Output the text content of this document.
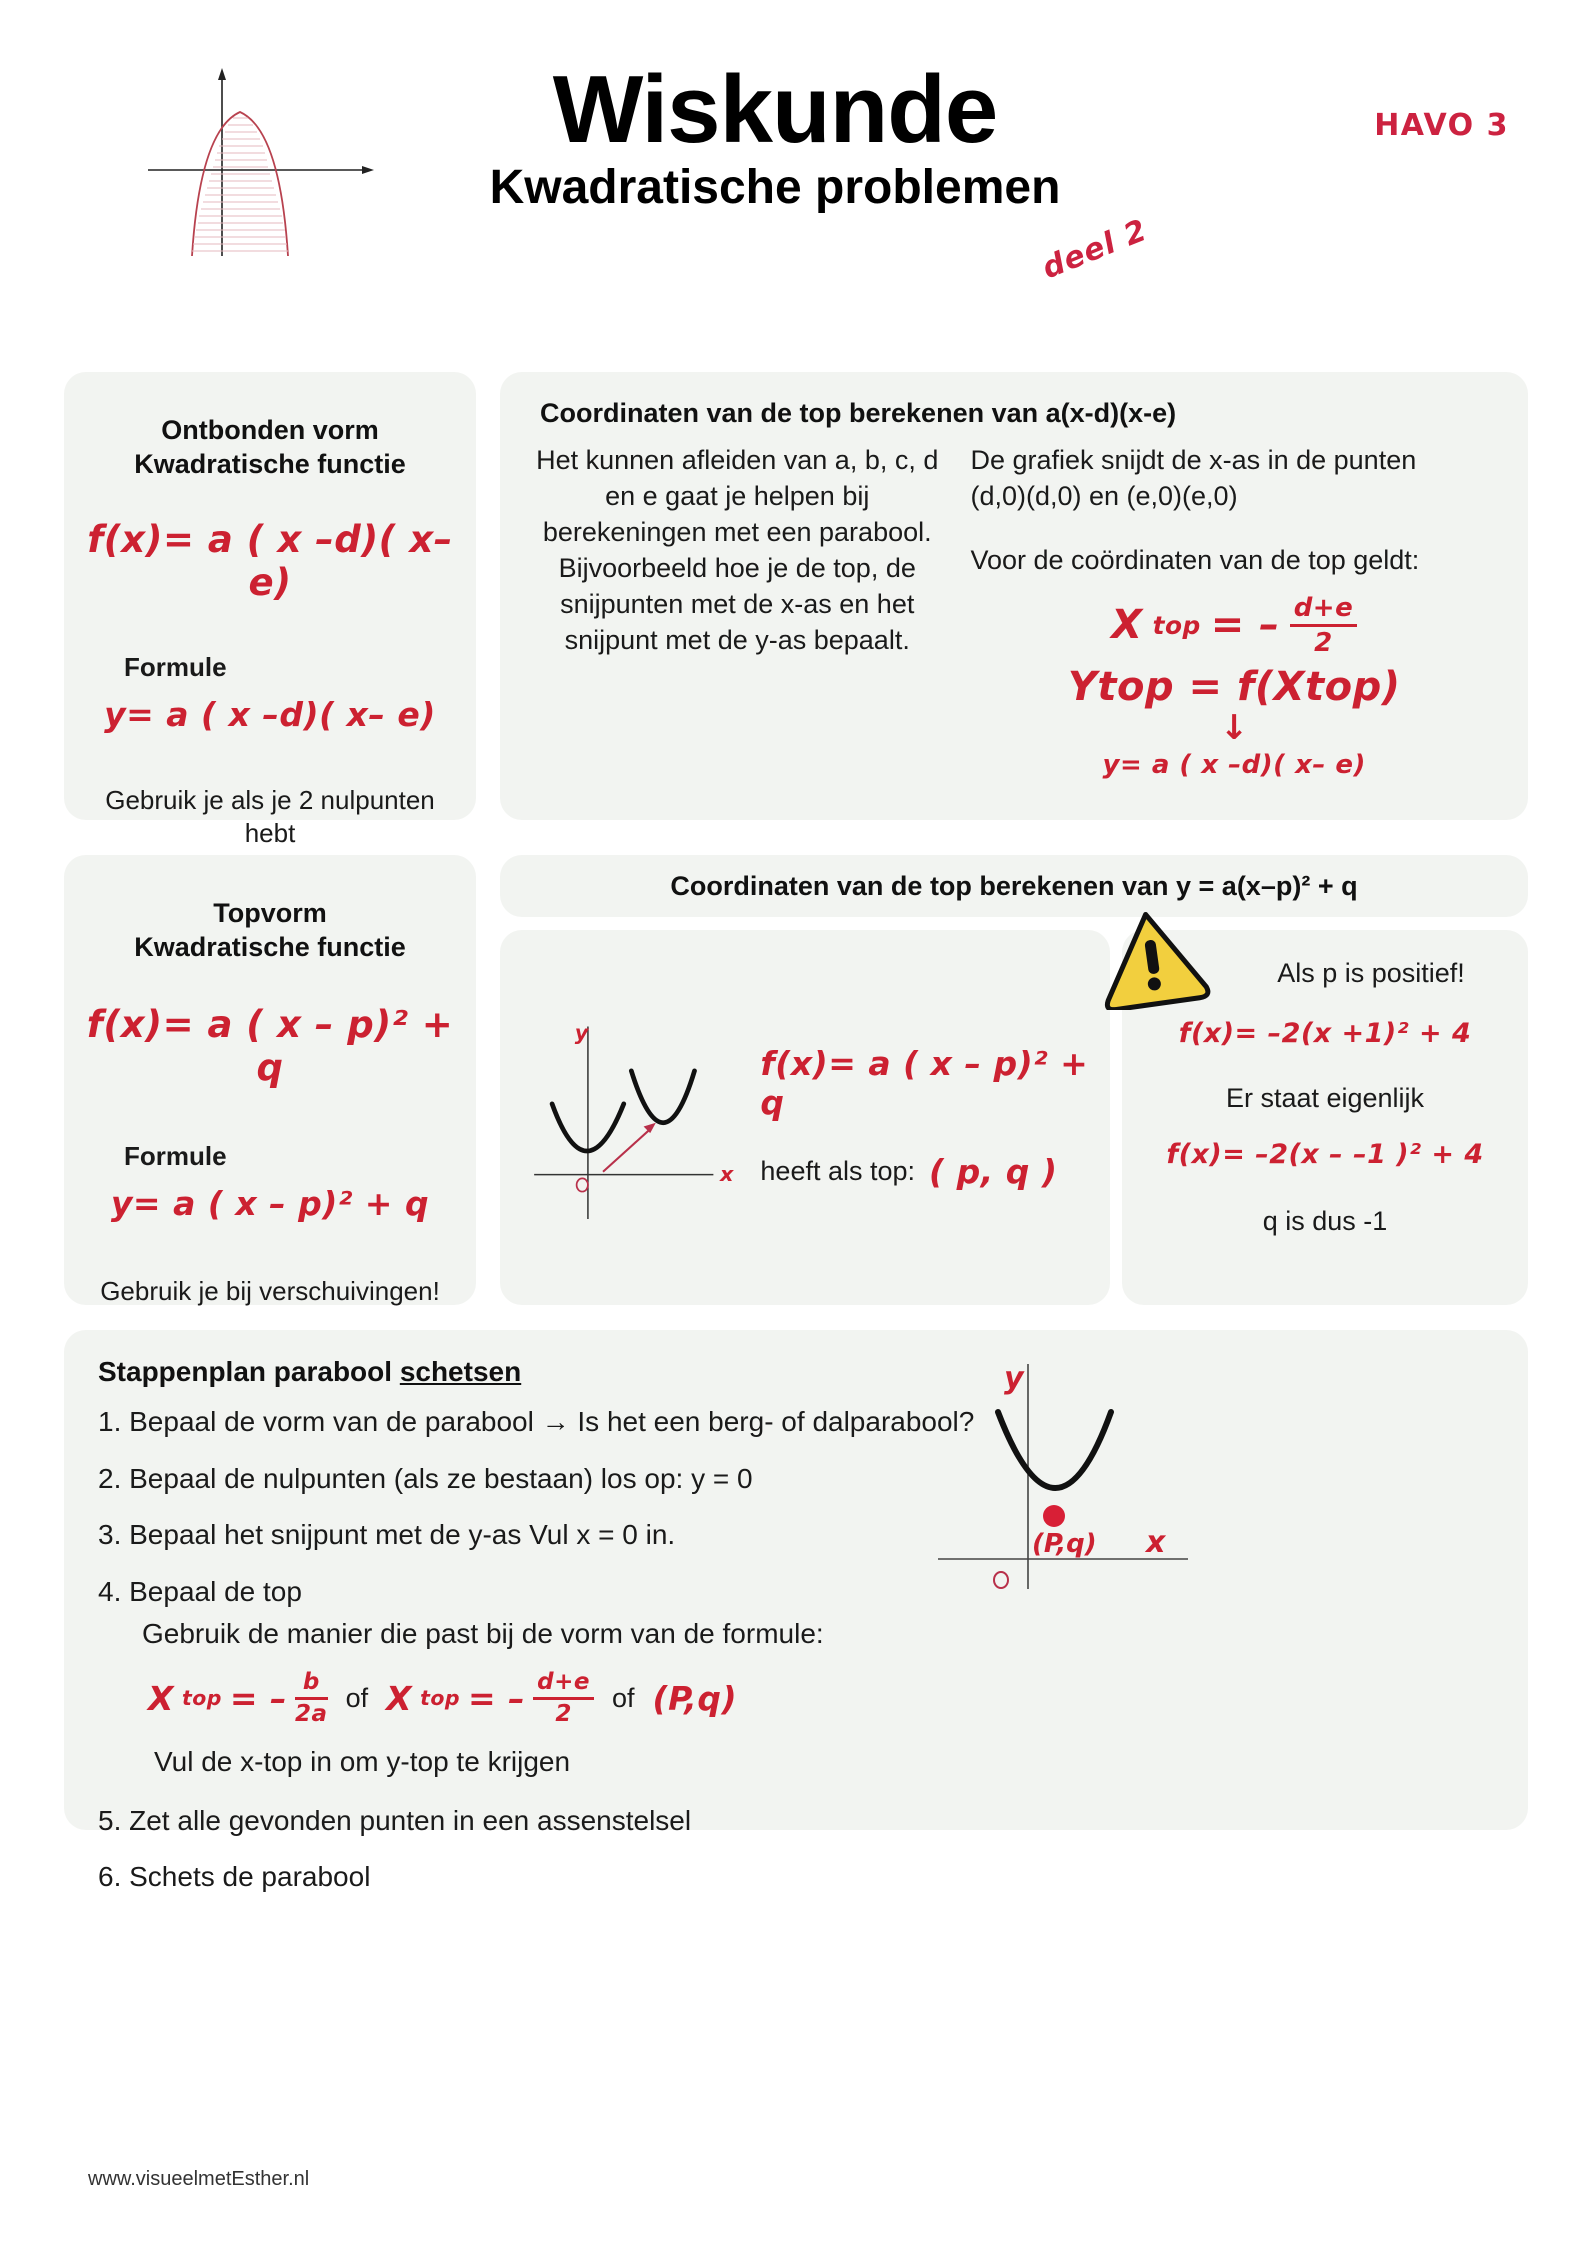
Wiskunde
Kwadratische problemen
deel 2
HAVO 3
Ontbonden vorm
Kwadratische functie
f(x)= a ( x –d)( x– e)
Formule
y= a ( x –d)( x– e)
Gebruik je als je 2 nulpunten hebt
Coordinaten van de top berekenen van a(x-d)(x-e)
Het kunnen afleiden van a, b, c, d en e gaat je helpen bij berekeningen met een parabool. Bijvoorbeeld hoe je de top, de snijpunten met de x-as en het snijpunt met de y-as bepaalt.
De grafiek snijdt de x-as in de punten
(d,0)(d,0) en (e,0)(e,0)
Voor de coördinaten van de top geldt:
X top = – $\frac{d+e}{2}$
Ytop = f(Xtop)
↓
y= a ( x –d)( x– e)
Topvorm
Kwadratische functie
f(x)= a ( x – p)² + q
Formule
y= a ( x – p)² + q
Gebruik je bij verschuivingen!
Coordinaten van de top berekenen van y = a(x–p)² + q
y
x
f(x)= a ( x – p)² + q
heeft als top: ( p, q )
Als p is positief!
f(x)= –2(x +1)² + 4
Er staat eigenlijk
f(x)= –2(x – –1 )² + 4
q is dus -1
Stappenplan parabool schetsen	y
x
(P,q)
1. Bepaal de vorm van de parabool → Is het een berg- of dalparabool?
2. Bepaal de nulpunten (als ze bestaan) los op: y = 0
3. Bepaal het snijpunt met de y-as Vul x = 0 in.
4. Bepaal de top
Gebruik de manier die past bij de vorm van de formule:
X top = – $\frac{b}{2a}$ of X top = – $\frac{d+e}{2}$ of (P,q)
Vul de x-top in om y-top te krijgen
5. Zet alle gevonden punten in een assenstelsel
6. Schets de parabool
www.visueelmetEsther.nl
